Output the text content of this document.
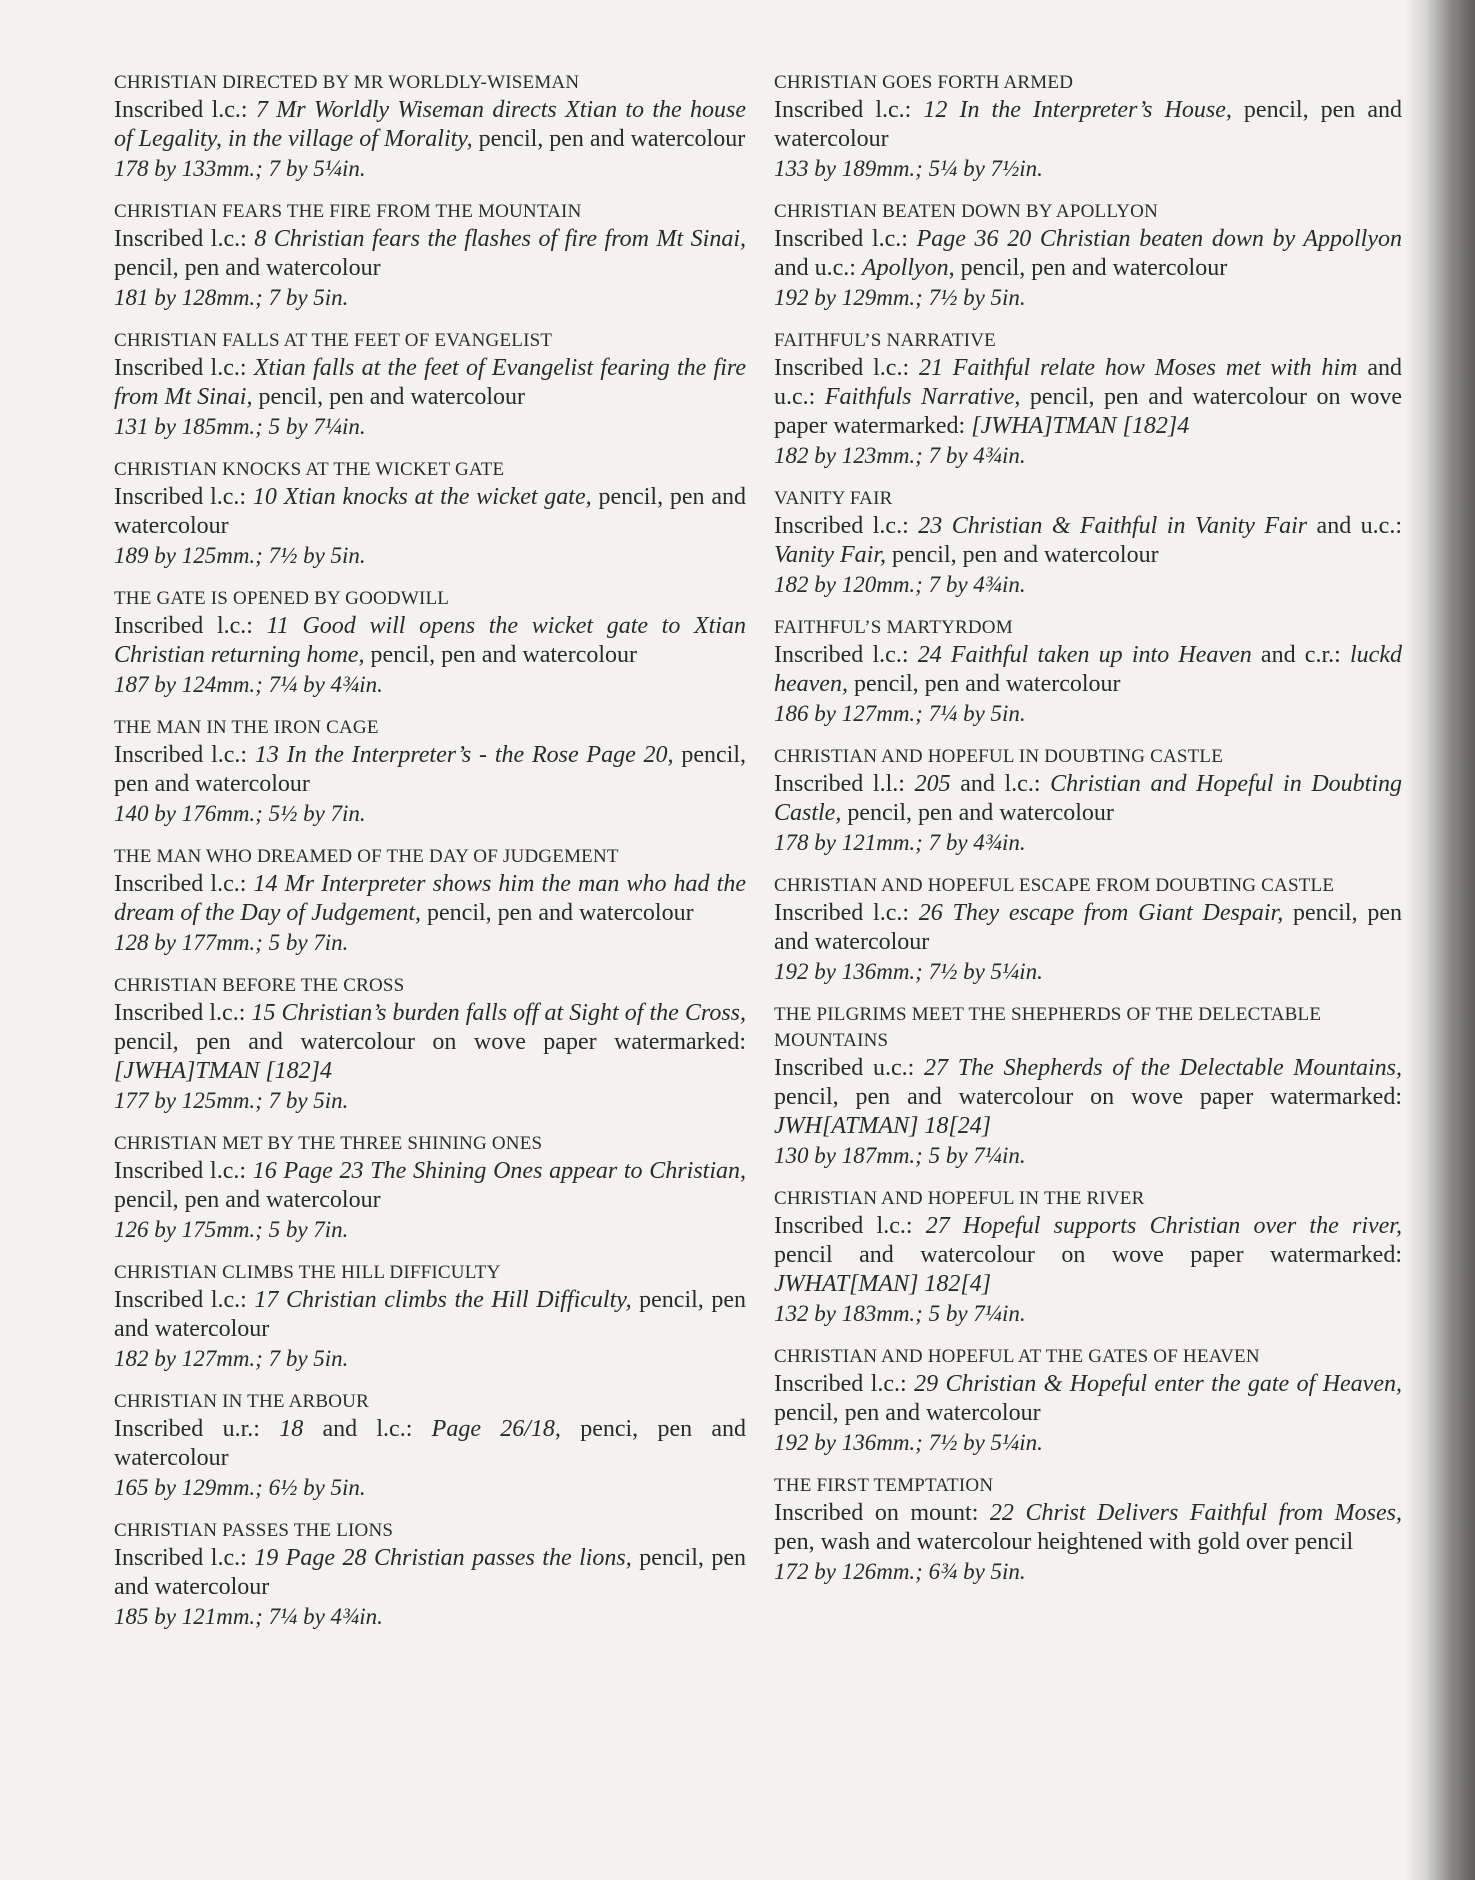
CHRISTIAN DIRECTED BY MR WORLDLY-WISEMAN
Inscribed l.c.: 7 Mr Worldly Wiseman directs Xtian to the house of Legality, in the village of Morality, pencil, pen and watercolour
178 by 133mm.; 7 by 5¼in.
CHRISTIAN FEARS THE FIRE FROM THE MOUNTAIN
Inscribed l.c.: 8 Christian fears the flashes of fire from Mt Sinai, pencil, pen and watercolour
181 by 128mm.; 7 by 5in.
CHRISTIAN FALLS AT THE FEET OF EVANGELIST
Inscribed l.c.: Xtian falls at the feet of Evangelist fearing the fire from Mt Sinai, pencil, pen and watercolour
131 by 185mm.; 5 by 7¼in.
CHRISTIAN KNOCKS AT THE WICKET GATE
Inscribed l.c.: 10 Xtian knocks at the wicket gate, pencil, pen and watercolour
189 by 125mm.; 7½ by 5in.
THE GATE IS OPENED BY GOODWILL
Inscribed l.c.: 11 Good will opens the wicket gate to Xtian Christian returning home, pencil, pen and watercolour
187 by 124mm.; 7¼ by 4¾in.
THE MAN IN THE IRON CAGE
Inscribed l.c.: 13 In the Interpreter’s - the Rose Page 20, pencil, pen and watercolour
140 by 176mm.; 5½ by 7in.
THE MAN WHO DREAMED OF THE DAY OF JUDGEMENT
Inscribed l.c.: 14 Mr Interpreter shows him the man who had the dream of the Day of Judgement, pencil, pen and watercolour
128 by 177mm.; 5 by 7in.
CHRISTIAN BEFORE THE CROSS
Inscribed l.c.: 15 Christian’s burden falls off at Sight of the Cross, pencil, pen and watercolour on wove paper watermarked: [JWHA]TMAN [182]4
177 by 125mm.; 7 by 5in.
CHRISTIAN MET BY THE THREE SHINING ONES
Inscribed l.c.: 16 Page 23 The Shining Ones appear to Christian, pencil, pen and watercolour
126 by 175mm.; 5 by 7in.
CHRISTIAN CLIMBS THE HILL DIFFICULTY
Inscribed l.c.: 17 Christian climbs the Hill Difficulty, pencil, pen and watercolour
182 by 127mm.; 7 by 5in.
CHRISTIAN IN THE ARBOUR
Inscribed u.r.: 18 and l.c.: Page 26/18, penci, pen and watercolour
165 by 129mm.; 6½ by 5in.
CHRISTIAN PASSES THE LIONS
Inscribed l.c.: 19 Page 28 Christian passes the lions, pencil, pen and watercolour
185 by 121mm.; 7¼ by 4¾in.
CHRISTIAN GOES FORTH ARMED
Inscribed l.c.: 12 In the Interpreter’s House, pencil, pen and watercolour
133 by 189mm.; 5¼ by 7½in.
CHRISTIAN BEATEN DOWN BY APOLLYON
Inscribed l.c.: Page 36 20 Christian beaten down by Appollyon and u.c.: Apollyon, pencil, pen and watercolour
192 by 129mm.; 7½ by 5in.
FAITHFUL’S NARRATIVE
Inscribed l.c.: 21 Faithful relate how Moses met with him and u.c.: Faithfuls Narrative, pencil, pen and watercolour on wove paper watermarked: [JWHA]TMAN [182]4
182 by 123mm.; 7 by 4¾in.
VANITY FAIR
Inscribed l.c.: 23 Christian & Faithful in Vanity Fair and u.c.: Vanity Fair, pencil, pen and watercolour
182 by 120mm.; 7 by 4¾in.
FAITHFUL’S MARTYRDOM
Inscribed l.c.: 24 Faithful taken up into Heaven and c.r.: luckd heaven, pencil, pen and watercolour
186 by 127mm.; 7¼ by 5in.
CHRISTIAN AND HOPEFUL IN DOUBTING CASTLE
Inscribed l.l.: 205 and l.c.: Christian and Hopeful in Doubting Castle, pencil, pen and watercolour
178 by 121mm.; 7 by 4¾in.
CHRISTIAN AND HOPEFUL ESCAPE FROM DOUBTING CASTLE
Inscribed l.c.: 26 They escape from Giant Despair, pencil, pen and watercolour
192 by 136mm.; 7½ by 5¼in.
THE PILGRIMS MEET THE SHEPHERDS OF THE DELECTABLE MOUNTAINS
Inscribed u.c.: 27 The Shepherds of the Delectable Mountains, pencil, pen and watercolour on wove paper watermarked: JWH[ATMAN] 18[24]
130 by 187mm.; 5 by 7¼in.
CHRISTIAN AND HOPEFUL IN THE RIVER
Inscribed l.c.: 27 Hopeful supports Christian over the river, pencil and watercolour on wove paper watermarked: JWHAT[MAN] 182[4]
132 by 183mm.; 5 by 7¼in.
CHRISTIAN AND HOPEFUL AT THE GATES OF HEAVEN
Inscribed l.c.: 29 Christian & Hopeful enter the gate of Heaven, pencil, pen and watercolour
192 by 136mm.; 7½ by 5¼in.
THE FIRST TEMPTATION
Inscribed on mount: 22 Christ Delivers Faithful from Moses, pen, wash and watercolour heightened with gold over pencil
172 by 126mm.; 6¾ by 5in.
